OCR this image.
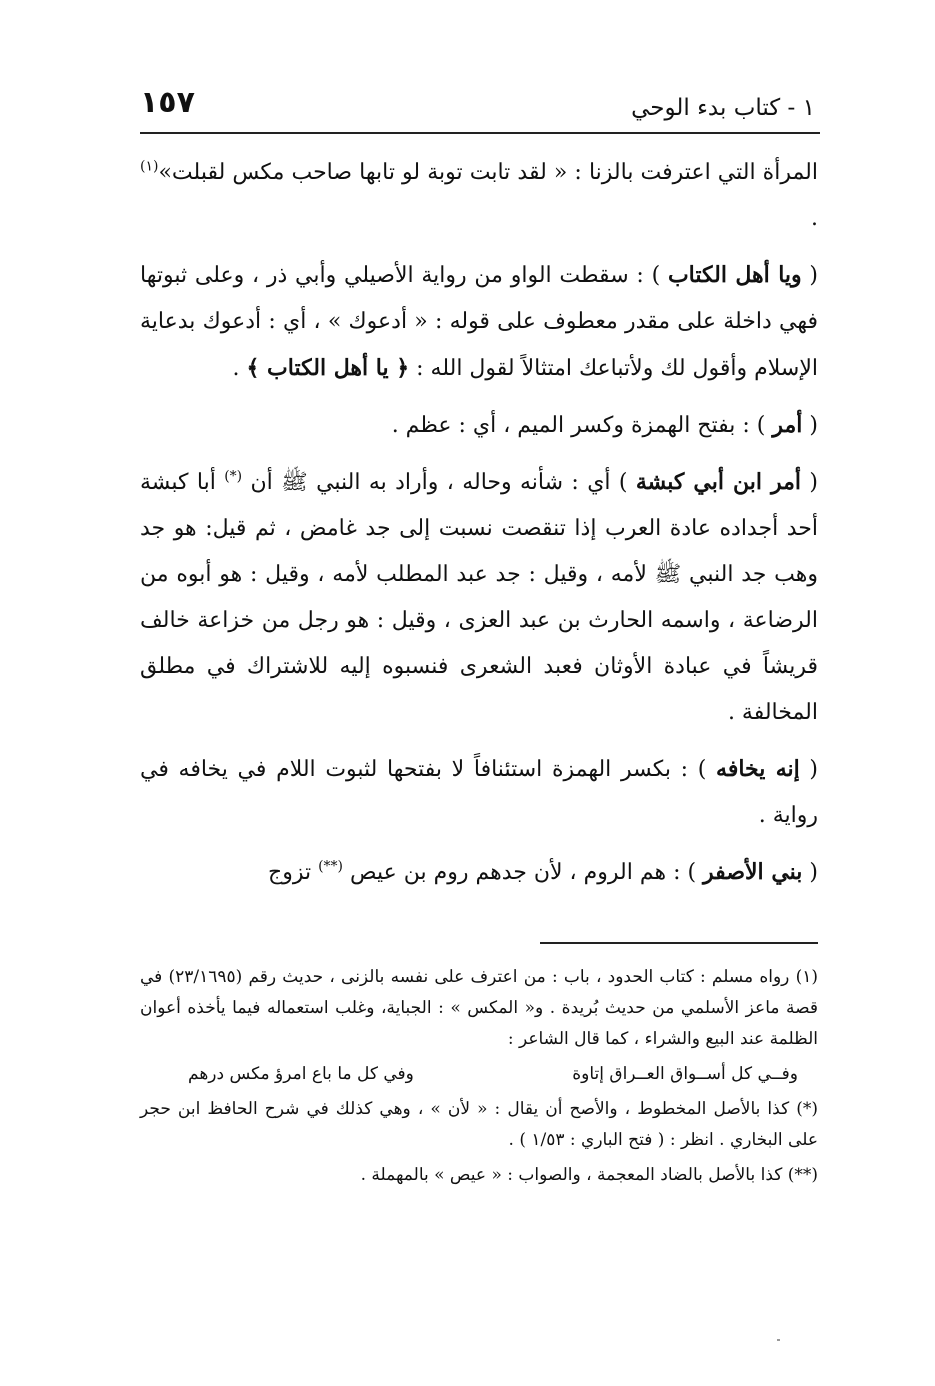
١٥٧	١ - كتاب بدء الوحي

المرأة التي اعترفت بالزنا : « لقد تابت توبة لو تابها صاحب مكس لقبلت»$^{(١)}$ .

( ويا أهل الكتاب ) : سقطت الواو من رواية الأصيلي وأبي ذر ، وعلى ثبوتها فهي داخلة على مقدر معطوف على قوله : « أدعوك » ، أي : أدعوك بدعاية الإسلام وأقول لك ولأتباعك امتثالاً لقول الله : ﴿ يا أهل الكتاب ﴾ .

( أمر ) : بفتح الهمزة وكسر الميم ، أي : عظم .

( أمر ابن أبي كبشة ) أي : شأنه وحاله ، وأراد به النبي ﷺ أن (*) أبا كبشة أحد أجداده عادة العرب إذا تنقصت نسبت إلى جد غامض ، ثم قيل: هو جد وهب جد النبي ﷺ لأمه ، وقيل : جد عبد المطلب لأمه ، وقيل : هو أبوه من الرضاعة ، واسمه الحارث بن عبد العزى ، وقيل : هو رجل من خزاعة خالف قريشاً في عبادة الأوثان فعبد الشعرى فنسبوه إليه للاشتراك في مطلق المخالفة .

( إنه يخافه ) : بكسر الهمزة استئنافاً لا بفتحها لثبوت اللام في يخافه في رواية .

( بني الأصفر ) : هم الروم ، لأن جدهم روم بن عيص (**) تزوج

(١) رواه مسلم : كتاب الحدود ، باب : من اعترف على نفسه بالزنى ، حديث رقم (٢٣/١٦٩٥) في قصة ماعز الأسلمي من حديث بُريدة . و« المكس » : الجباية، وغلب استعماله فيما يأخذه أعوان الظلمة عند البيع والشراء ، كما قال الشاعر :

وفــي كل أســواق العــراق إتاوة
وفي كل ما باع امرؤ مكس درهم

(*) كذا بالأصل المخطوط ، والأصح أن يقال : « لأن » ، وهي كذلك في شرح الحافظ ابن حجر على البخاري . انظر : ( فتح الباري : ١/٥٣ ) .

(**) كذا بالأصل بالضاد المعجمة ، والصواب : « عيص » بالمهملة .
